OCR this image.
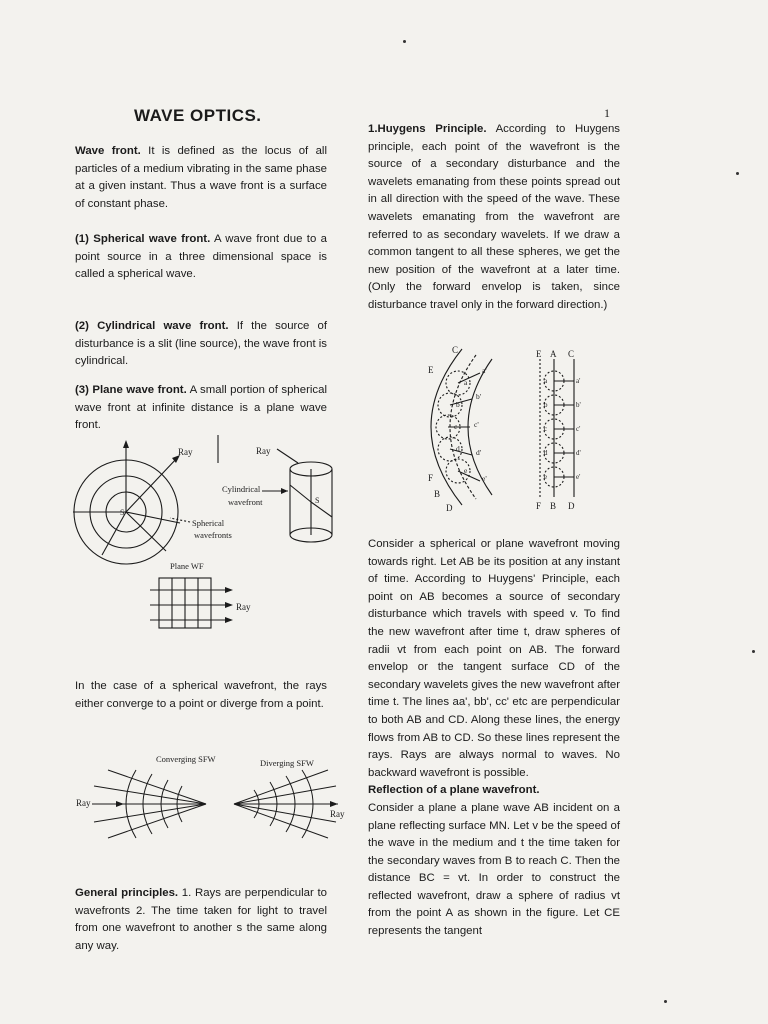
WAVE OPTICS.	1

Wave front. It is defined as the locus of all particles of a medium vibrating in the same phase at a given instant. Thus a wave front is a surface of constant phase.

(1) Spherical wave front. A wave front due to a point source in a three dimensional space is called a spherical wave.

(2) Cylindrical wave front. If the source of disturbance is a slit (line source), the wave front is cylindrical.

(3) Plane wave front. A small portion of spherical wave front at infinite distance is a plane wave front.

In the case of a spherical wavefront, the rays either converge to a point or diverge from a point.

General principles. 1. Rays are perpendicular to wavefronts 2. The time taken for light to travel from one wavefront to another s the same along any way.

1.Huygens Principle. According to Huygens principle, each point of the wavefront is the source of a secondary disturbance and the wavelets emanating from these points spread out in all direction with the speed of the wave. These wavelets emanating from the wavefront are referred to as secondary wavelets. If we draw a common tangent to all these spheres, we get the new position of the wavefront at a later time. (Only the forward envelop is taken, since disturbance travel only in the forward direction.)

Consider a spherical or plane wavefront moving towards right. Let AB be its position at any instant of time. According to Huygens' Principle, each point on AB becomes a source of secondary disturbance which travels with speed v. To find the new wavefront after time t, draw spheres of radii vt from each point on AB. The forward envelop or the tangent surface CD of the secondary wavelets gives the new wavefront after time t. The lines aa', bb', cc' etc are perpendicular to both AB and CD. Along these lines, the energy flows from AB to CD. So these lines represent the rays. Rays are always normal to waves. No backward wavefront is possible.

Reflection of a plane wavefront.

Consider a plane a plane wave AB incident on a plane reflecting surface MN. Let v be the speed of the wave in the medium and t the time taken for the secondary waves from B to reach C. Then the distance BC = vt. In order to construct the reflected wavefront, draw a sphere of radius vt from the point A as shown in the figure. Let CE represents the tangent

Ray
S
Ray
S
Cylindrical
wavefront
Spherical
wavefronts
Plane WF
Ray
Converging SFW	Diverging SFW
Ray
Ray
C
E
F
B
D
a
b
c
d
e
a'
b'
c'
d'
e'
E A C
F B D
a
b
c
d
e
a'
b'
c'
d'
e'
